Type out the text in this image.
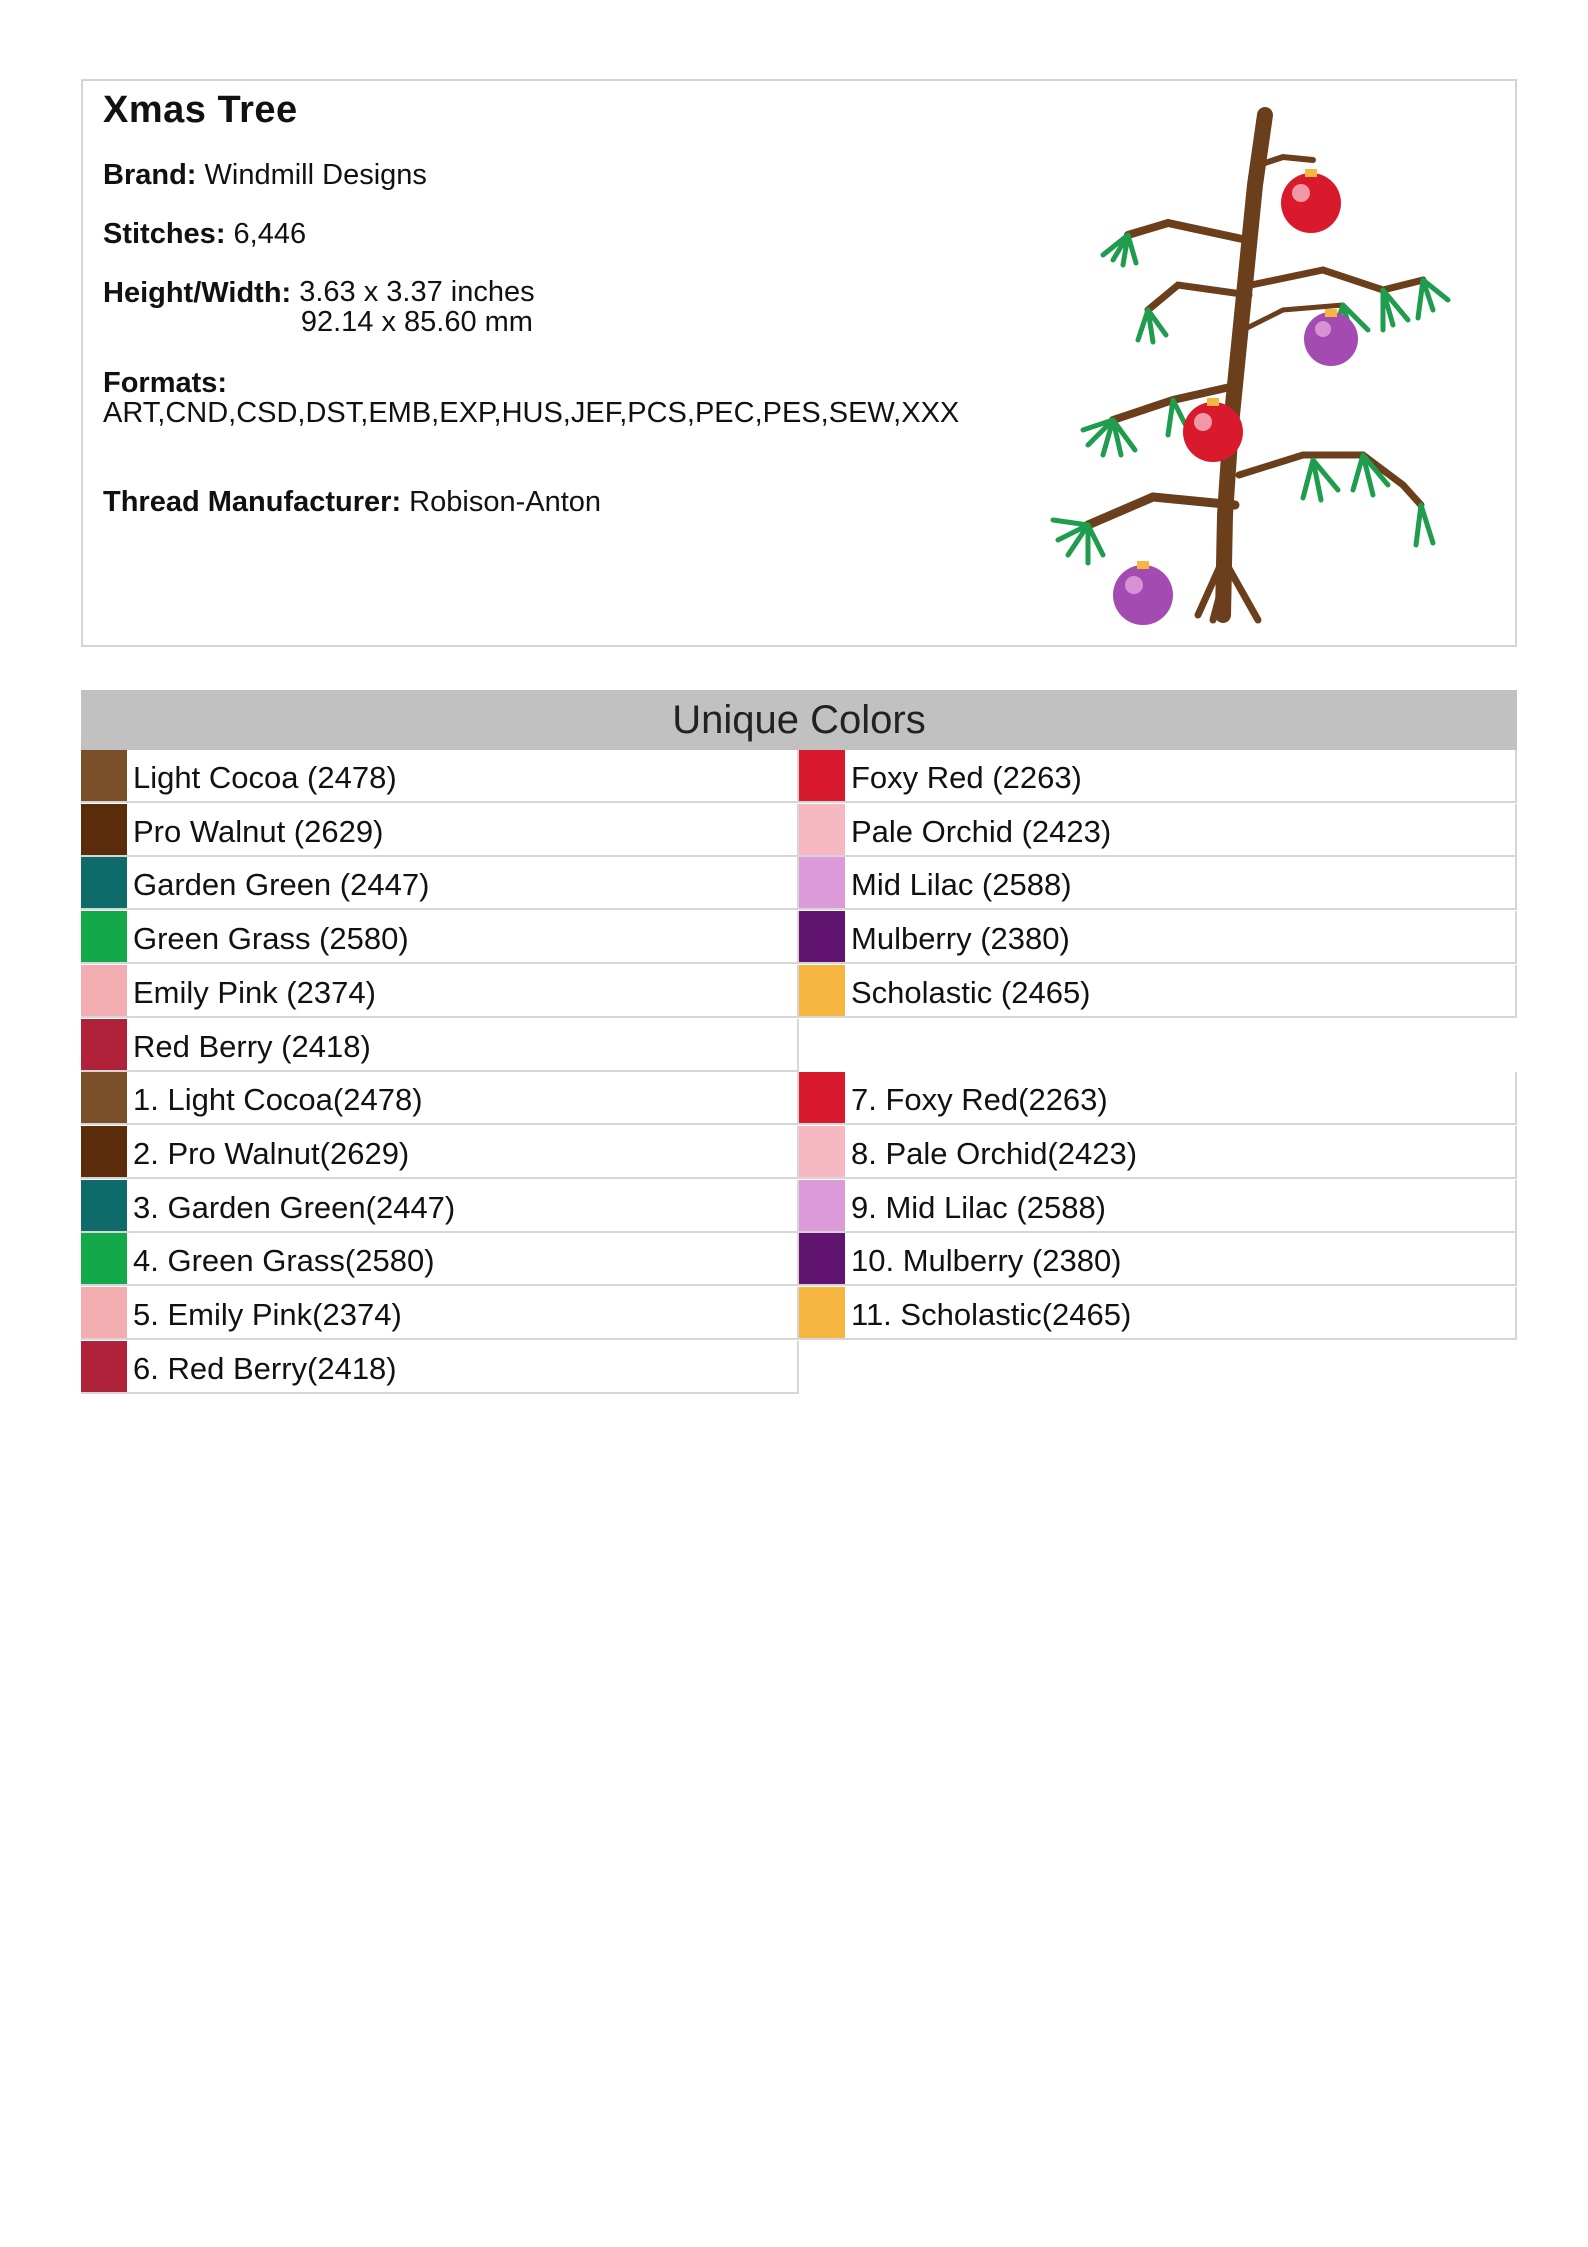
Xmas Tree
Brand: Windmill Designs
Stitches: 6,446
Height/Width: 3.63 x 3.37 inches
92.14 x 85.60 mm
Formats:
ART,CND,CSD,DST,EMB,EXP,HUS,JEF,PCS,PEC,PES,SEW,XXX
Thread Manufacturer: Robison-Anton
Unique Colors
Light Cocoa (2478)
Pro Walnut (2629)
Garden Green (2447)
Green Grass (2580)
Emily Pink (2374)
Red Berry (2418)
Foxy Red (2263)
Pale Orchid (2423)
Mid Lilac (2588)
Mulberry (2380)
Scholastic (2465)
1. Light Cocoa(2478)
2. Pro Walnut(2629)
3. Garden Green(2447)
4. Green Grass(2580)
5. Emily Pink(2374)
6. Red Berry(2418)
7. Foxy Red(2263)
8. Pale Orchid(2423)
9. Mid Lilac (2588)
10. Mulberry (2380)
11. Scholastic(2465)
